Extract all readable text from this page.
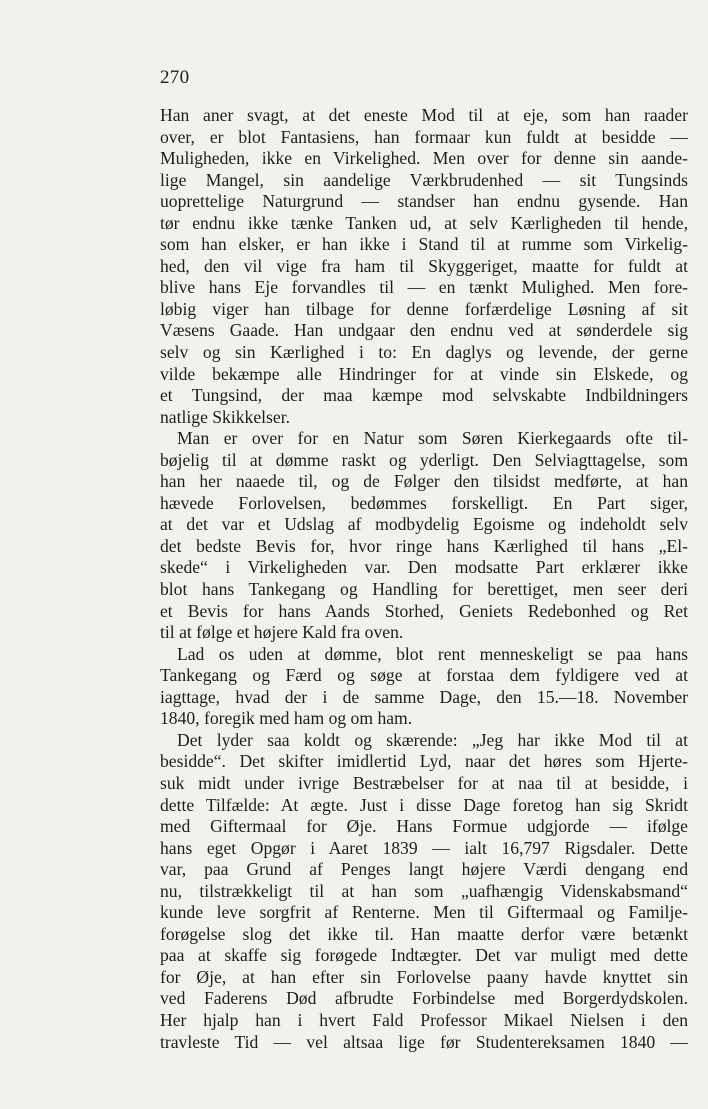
270
Han aner svagt, at det eneste Mod til at eje, som han raader
over, er blot Fantasiens, han formaar kun fuldt at besidde —
Muligheden, ikke en Virkelighed. Men over for denne sin aande-
lige Mangel, sin aandelige Værkbrudenhed — sit Tungsinds
uoprettelige Naturgrund — standser han endnu gysende. Han
tør endnu ikke tænke Tanken ud, at selv Kærligheden til hende,
som han elsker, er han ikke i Stand til at rumme som Virkelig-
hed, den vil vige fra ham til Skyggeriget, maatte for fuldt at
blive hans Eje forvandles til — en tænkt Mulighed. Men fore-
løbig viger han tilbage for denne forfærdelige Løsning af sit
Væsens Gaade. Han undgaar den endnu ved at sønderdele sig
selv og sin Kærlighed i to: En daglys og levende, der gerne
vilde bekæmpe alle Hindringer for at vinde sin Elskede, og
et Tungsind, der maa kæmpe mod selvskabte Indbildningers
natlige Skikkelser.
Man er over for en Natur som Søren Kierkegaards ofte til-
bøjelig til at dømme raskt og yderligt. Den Selviagttagelse, som
han her naaede til, og de Følger den tilsidst medførte, at han
hævede Forlovelsen, bedømmes forskelligt. En Part siger,
at det var et Udslag af modbydelig Egoisme og indeholdt selv
det bedste Bevis for, hvor ringe hans Kærlighed til hans „El-
skede“ i Virkeligheden var. Den modsatte Part erklærer ikke
blot hans Tankegang og Handling for berettiget, men seer deri
et Bevis for hans Aands Storhed, Geniets Redebonhed og Ret
til at følge et højere Kald fra oven.
Lad os uden at dømme, blot rent menneskeligt se paa hans
Tankegang og Færd og søge at forstaa dem fyldigere ved at
iagttage, hvad der i de samme Dage, den 15.—18. November
1840, foregik med ham og om ham.
Det lyder saa koldt og skærende: „Jeg har ikke Mod til at
besidde“. Det skifter imidlertid Lyd, naar det høres som Hjerte-
suk midt under ivrige Bestræbelser for at naa til at besidde, i
dette Tilfælde: At ægte. Just i disse Dage foretog han sig Skridt
med Giftermaal for Øje. Hans Formue udgjorde — ifølge
hans eget Opgør i Aaret 1839 — ialt 16,797 Rigsdaler. Dette
var, paa Grund af Penges langt højere Værdi dengang end
nu, tilstrækkeligt til at han som „uafhængig Videnskabsmand“
kunde leve sorgfrit af Renterne. Men til Giftermaal og Familje-
forøgelse slog det ikke til. Han maatte derfor være betænkt
paa at skaffe sig forøgede Indtægter. Det var muligt med dette
for Øje, at han efter sin Forlovelse paany havde knyttet sin
ved Faderens Død afbrudte Forbindelse med Borgerdydskolen.
Her hjalp han i hvert Fald Professor Mikael Nielsen i den
travleste Tid — vel altsaa lige før Studentereksamen 1840 —
